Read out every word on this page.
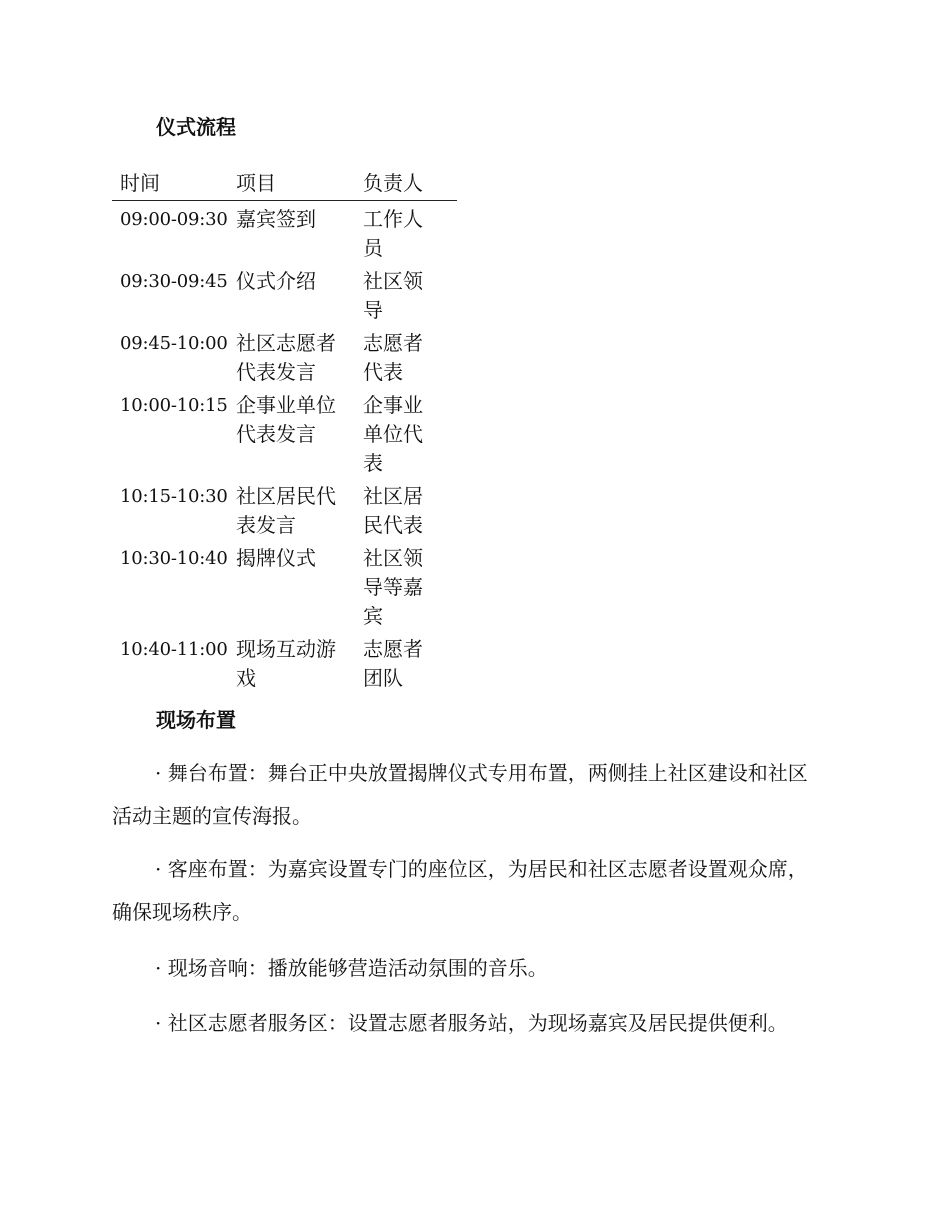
仪式流程
时间	项目	负责人
09:00-09:30	嘉宾签到	工作人员

09:30-09:45	仪式介绍	社区领导

09:45-10:00	社区志愿者代表发言	志愿者代表

10:00-10:15	企事业单位代表发言	企事业单位代表

10:15-10:30	社区居民代表发言	社区居民代表

10:30-10:40	揭牌仪式	社区领导等嘉宾

10:40-11:00	现场互动游戏	志愿者团队
现场布置

· 舞台布置：舞台正中央放置揭牌仪式专用布置，两侧挂上社区建设和社区活动主题的宣传海报。

· 客座布置：为嘉宾设置专门的座位区，为居民和社区志愿者设置观众席，确保现场秩序。

· 现场音响：播放能够营造活动氛围的音乐。

· 社区志愿者服务区：设置志愿者服务站，为现场嘉宾及居民提供便利。
